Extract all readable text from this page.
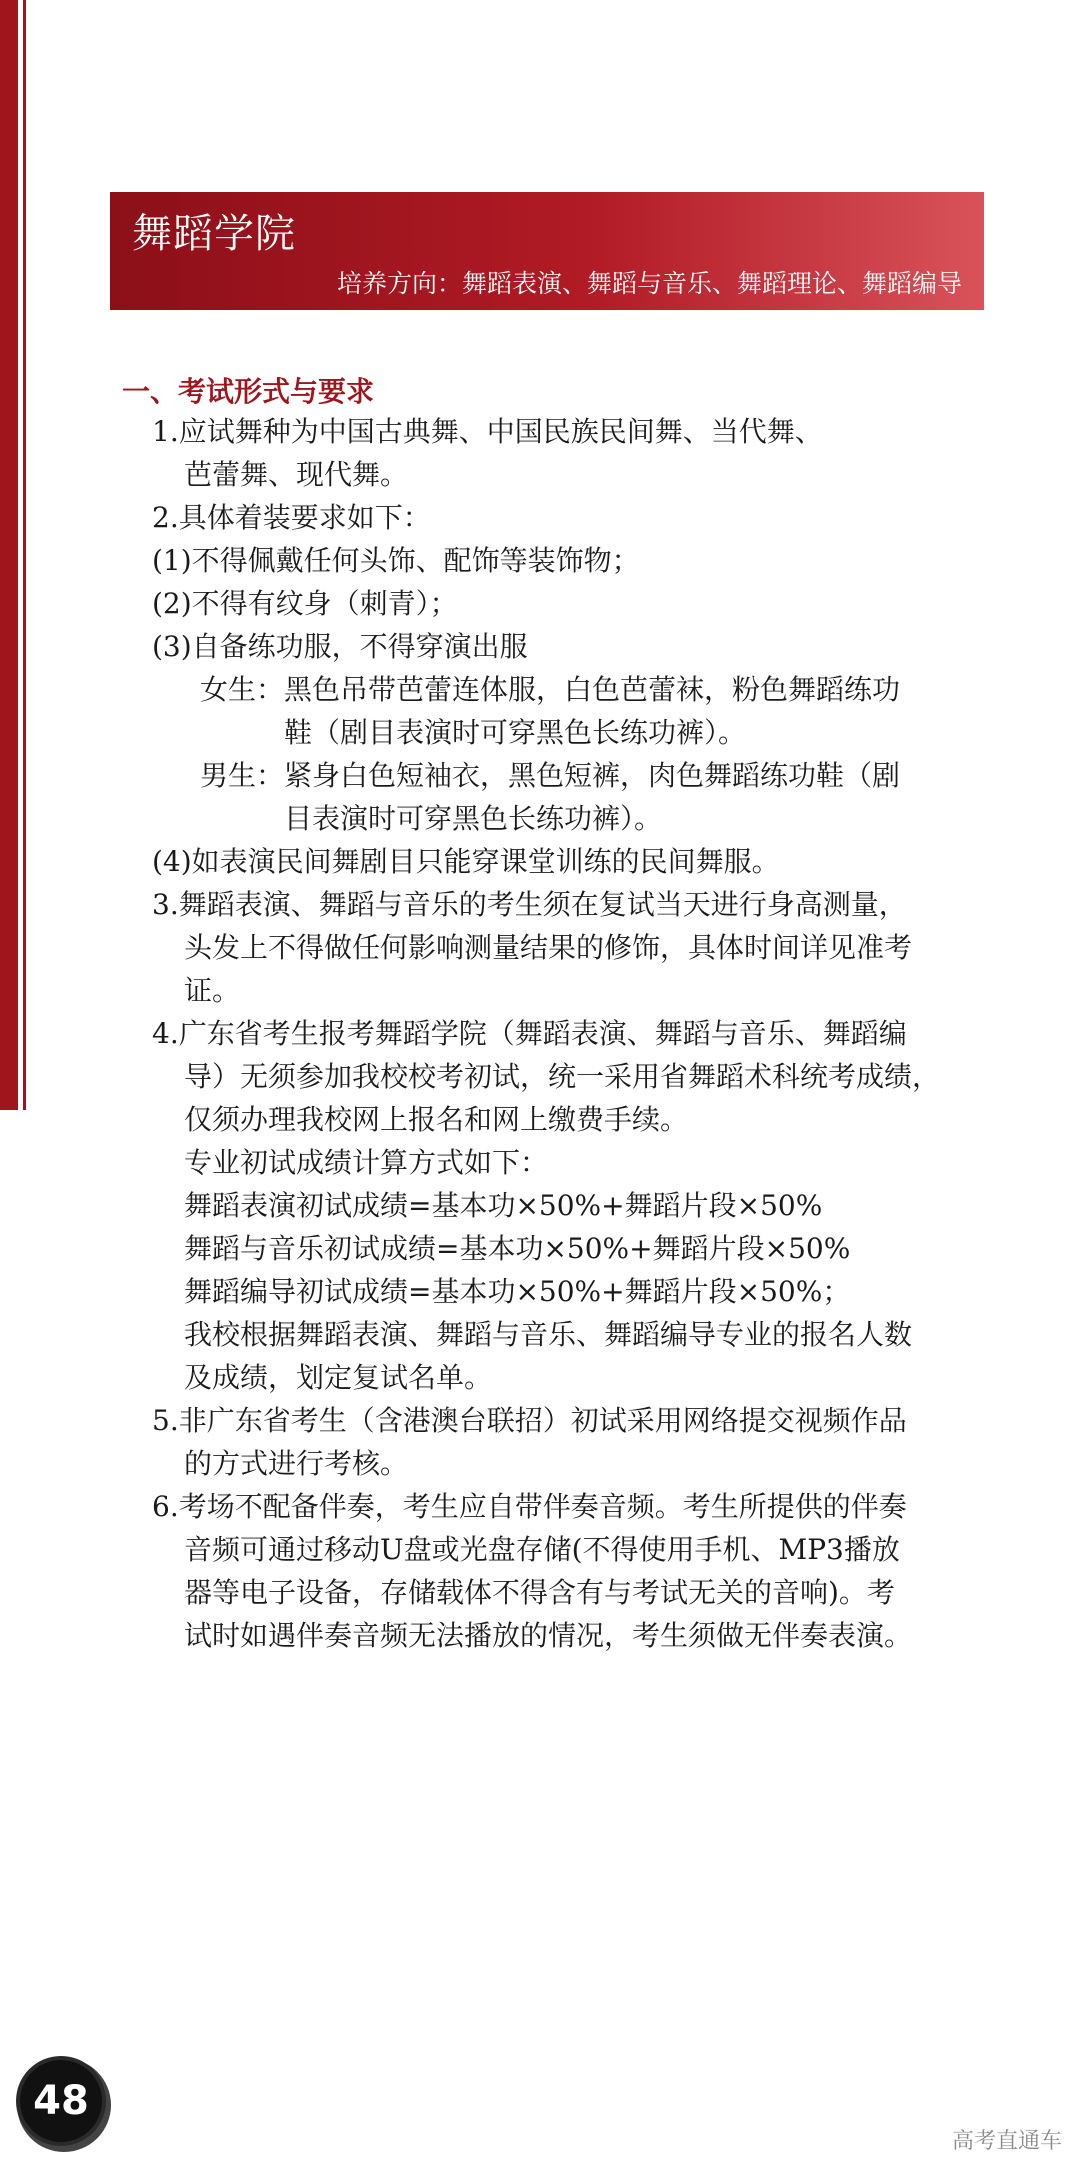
舞蹈学院
培养方向：舞蹈表演、舞蹈与音乐、舞蹈理论、舞蹈编导
一、考试形式与要求
1.应试舞种为中国古典舞、中国民族民间舞、当代舞、
芭蕾舞、现代舞。
2.具体着装要求如下：
(1)不得佩戴任何头饰、配饰等装饰物；
(2)不得有纹身（刺青）；
(3)自备练功服，不得穿演出服
女生：黑色吊带芭蕾连体服，白色芭蕾袜，粉色舞蹈练功
鞋（剧目表演时可穿黑色长练功裤）。
男生：紧身白色短袖衣，黑色短裤，肉色舞蹈练功鞋（剧
目表演时可穿黑色长练功裤）。
(4)如表演民间舞剧目只能穿课堂训练的民间舞服。
3.舞蹈表演、舞蹈与音乐的考生须在复试当天进行身高测量，
头发上不得做任何影响测量结果的修饰，具体时间详见准考
证。
4.广东省考生报考舞蹈学院（舞蹈表演、舞蹈与音乐、舞蹈编
导）无须参加我校校考初试，统一采用省舞蹈术科统考成绩，
仅须办理我校网上报名和网上缴费手续。
专业初试成绩计算方式如下：
舞蹈表演初试成绩=基本功×50%+舞蹈片段×50%
舞蹈与音乐初试成绩=基本功×50%+舞蹈片段×50%
舞蹈编导初试成绩=基本功×50%+舞蹈片段×50%；
我校根据舞蹈表演、舞蹈与音乐、舞蹈编导专业的报名人数
及成绩，划定复试名单。
5.非广东省考生（含港澳台联招）初试采用网络提交视频作品
的方式进行考核。
6.考场不配备伴奏，考生应自带伴奏音频。考生所提供的伴奏
音频可通过移动U盘或光盘存储(不得使用手机、MP3播放
器等电子设备，存储载体不得含有与考试无关的音响)。考
试时如遇伴奏音频无法播放的情况，考生须做无伴奏表演。
48
高考直通车
